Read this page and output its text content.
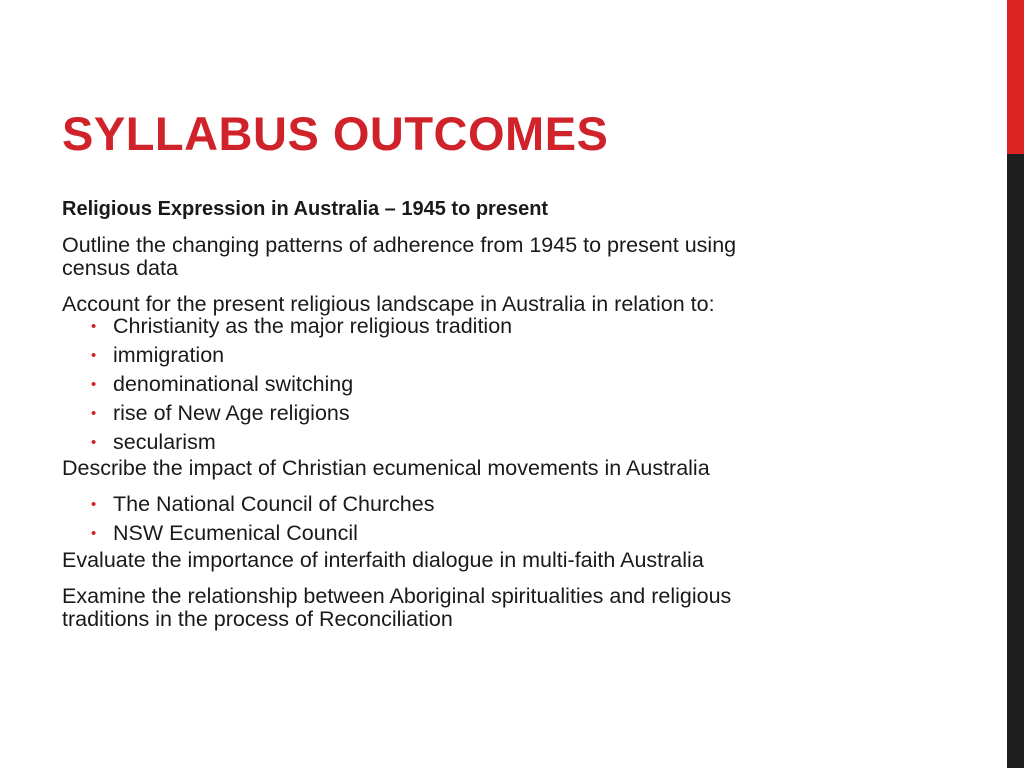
SYLLABUS OUTCOMES
Religious Expression in Australia – 1945 to present
Outline the changing patterns of adherence from 1945 to present using
census data
Account for the present religious landscape in Australia in relation to:
• Christianity as the major religious tradition
• immigration
• denominational switching
• rise of New Age religions
• secularism
Describe the impact of Christian ecumenical movements in Australia
• The National Council of Churches
• NSW Ecumenical Council
Evaluate the importance of interfaith dialogue in multi-faith Australia
Examine the relationship between Aboriginal spiritualities and religious
traditions in the process of Reconciliation
